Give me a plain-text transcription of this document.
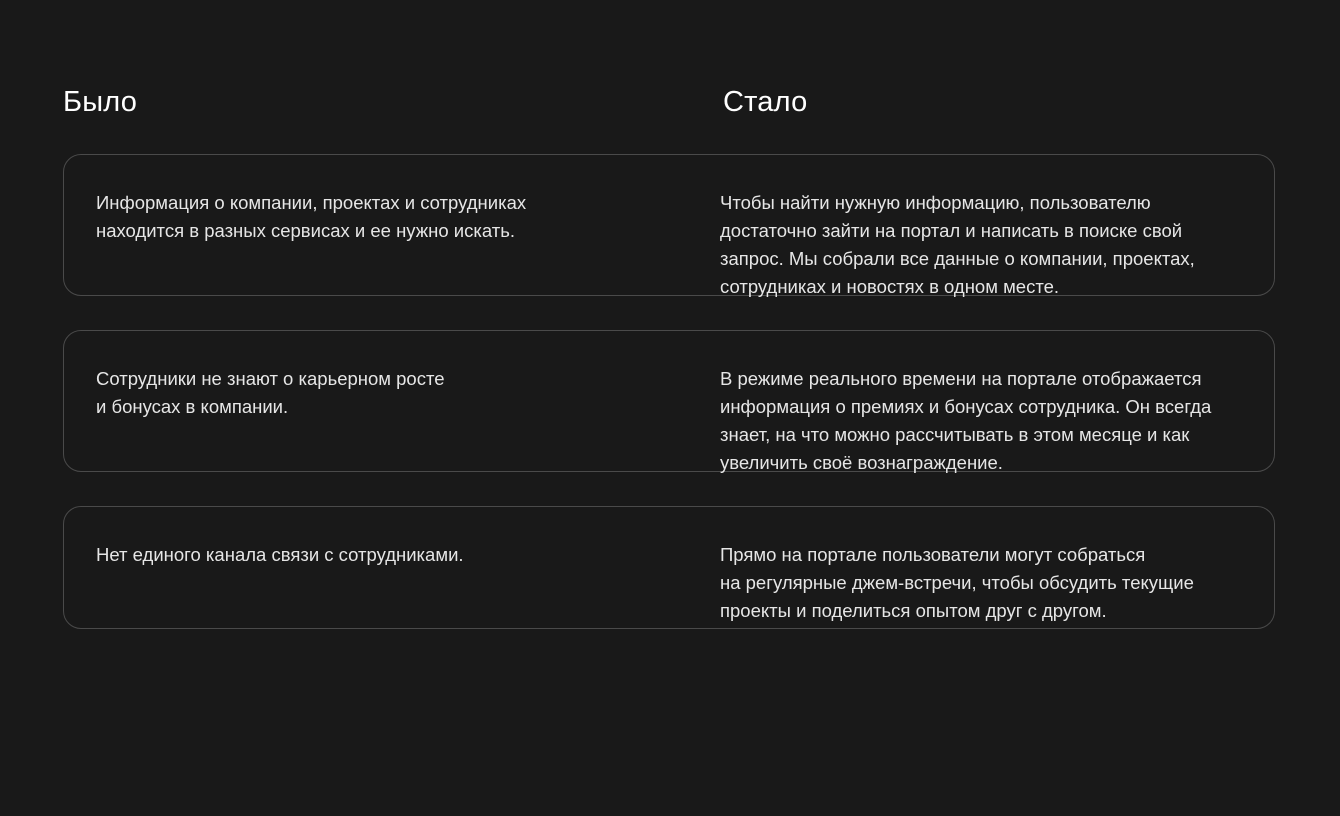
Было	Стало
Информация о компании, проектах и сотрудниках
находится в разных сервисах и ее нужно искать.
Чтобы найти нужную информацию, пользователю
достаточно зайти на портал и написать в поиске свой
запрос. Мы собрали все данные о компании, проектах,
сотрудниках и новостях в одном месте.
Сотрудники не знают о карьерном росте
и бонусах в компании.
В режиме реального времени на портале отображается
информация о премиях и бонусах сотрудника. Он всегда
знает, на что можно рассчитывать в этом месяце и как
увеличить своё вознаграждение.
Нет единого канала связи с сотрудниками.	Прямо на портале пользователи могут собраться
на регулярные джем-встречи, чтобы обсудить текущие
проекты и поделиться опытом друг с другом.
